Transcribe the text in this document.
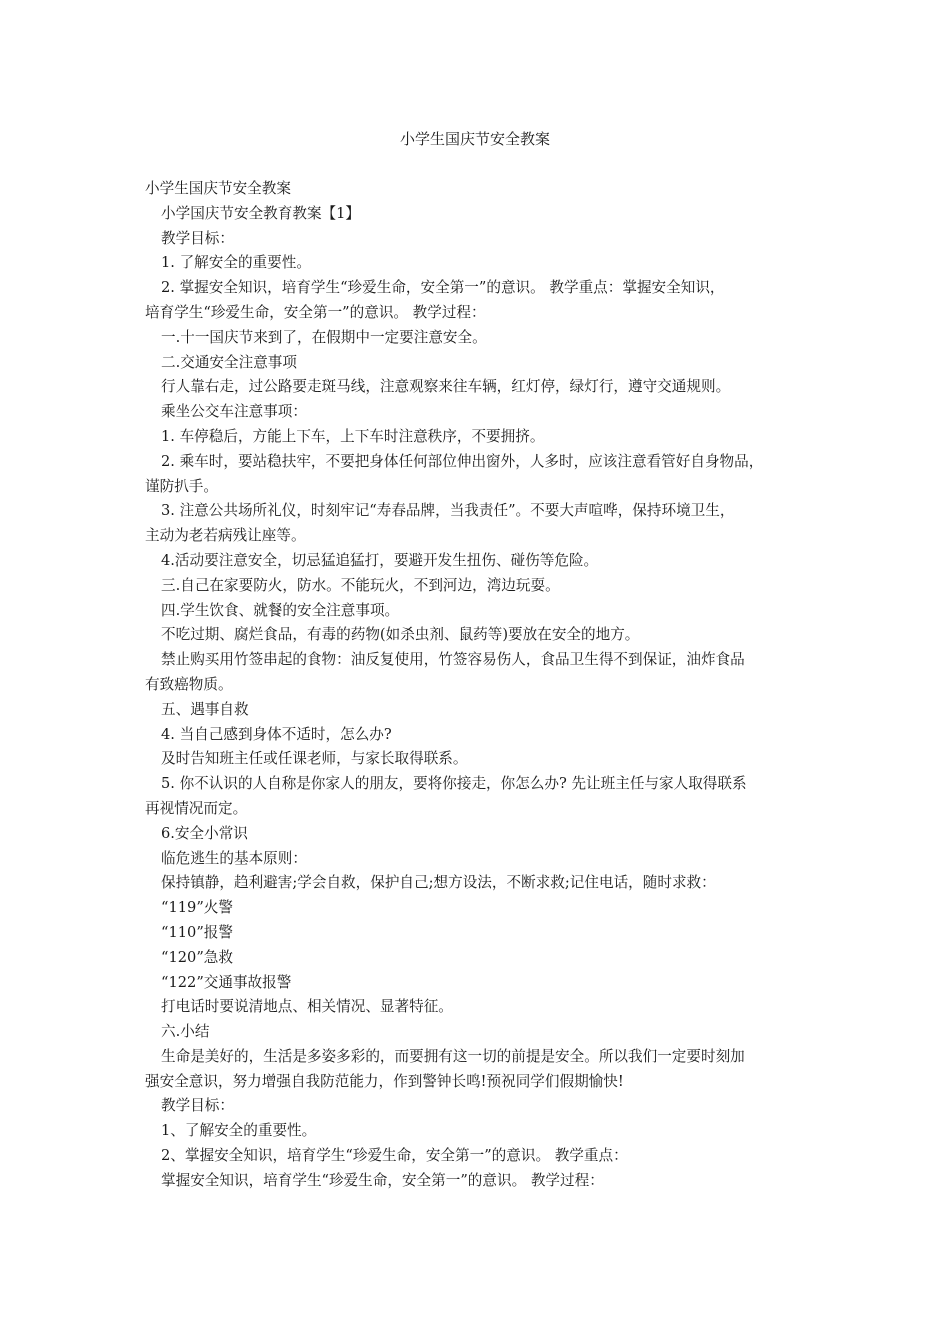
小学生国庆节安全教案
小学生国庆节安全教案
小学国庆节安全教育教案【1】
教学目标：
1. 了解安全的重要性。
2. 掌握安全知识，培育学生“珍爱生命，安全第一”的意识。 教学重点：掌握安全知识，
培育学生“珍爱生命，安全第一”的意识。 教学过程：
一.十一国庆节来到了，在假期中一定要注意安全。
二.交通安全注意事项
行人靠右走，过公路要走斑马线，注意观察来往车辆，红灯停，绿灯行，遵守交通规则。
乘坐公交车注意事项：
1. 车停稳后，方能上下车，上下车时注意秩序，不要拥挤。
2. 乘车时，要站稳扶牢，不要把身体任何部位伸出窗外，人多时，应该注意看管好自身物品，
谨防扒手。
3. 注意公共场所礼仪，时刻牢记“寿春品牌，当我责任”。不要大声喧哗，保持环境卫生，
主动为老若病残让座等。
4.活动要注意安全，切忌猛追猛打，要避开发生扭伤、碰伤等危险。
三.自己在家要防火，防水。不能玩火，不到河边，湾边玩耍。
四.学生饮食、就餐的安全注意事项。
不吃过期、腐烂食品，有毒的药物(如杀虫剂、鼠药等)要放在安全的地方。
禁止购买用竹签串起的食物：油反复使用，竹签容易伤人，食品卫生得不到保证，油炸食品
有致癌物质。
五、遇事自救
4. 当自己感到身体不适时，怎么办?
及时告知班主任或任课老师，与家长取得联系。
5. 你不认识的人自称是你家人的朋友，要将你接走，你怎么办? 先让班主任与家人取得联系
再视情况而定。
6.安全小常识
临危逃生的基本原则：
保持镇静，趋利避害;学会自救，保护自己;想方设法，不断求救;记住电话，随时求救：
“119”火警
“110”报警
“120”急救
“122”交通事故报警
打电话时要说清地点、相关情况、显著特征。
六.小结
生命是美好的，生活是多姿多彩的，而要拥有这一切的前提是安全。所以我们一定要时刻加
强安全意识，努力增强自我防范能力，作到警钟长鸣!预祝同学们假期愉快!
教学目标：
1、了解安全的重要性。
2、掌握安全知识，培育学生“珍爱生命，安全第一”的意识。 教学重点：
掌握安全知识，培育学生“珍爱生命，安全第一”的意识。 教学过程：
